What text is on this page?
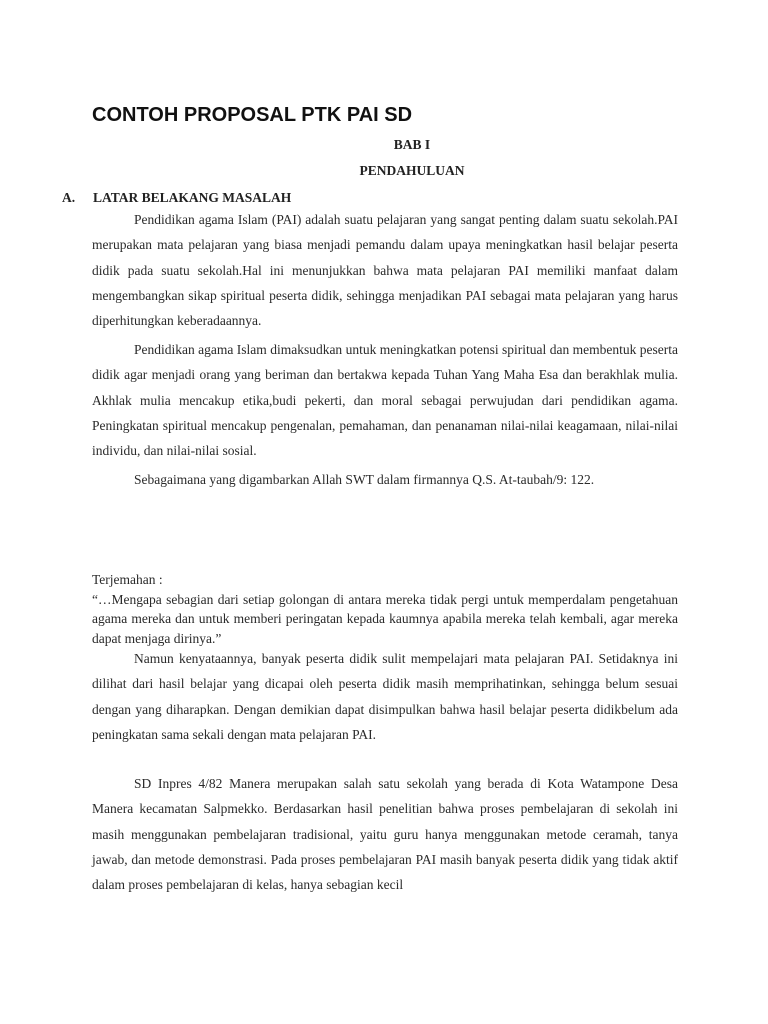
CONTOH PROPOSAL PTK PAI SD
BAB I
PENDAHULUAN
A. LATAR BELAKANG MASALAH

Pendidikan agama Islam (PAI) adalah suatu pelajaran yang sangat penting dalam suatu sekolah.PAI merupakan mata pelajaran yang biasa menjadi pemandu dalam upaya meningkatkan hasil belajar peserta didik pada suatu sekolah.Hal ini menunjukkan bahwa mata pelajaran PAI memiliki manfaat dalam mengembangkan sikap spiritual peserta didik, sehingga menjadikan PAI sebagai mata pelajaran yang harus diperhitungkan keberadaannya.

Pendidikan agama Islam dimaksudkan untuk meningkatkan potensi spiritual dan membentuk peserta didik agar menjadi orang yang beriman dan bertakwa kepada Tuhan Yang Maha Esa dan berakhlak mulia. Akhlak mulia mencakup etika,budi pekerti, dan moral sebagai perwujudan dari pendidikan agama. Peningkatan spiritual mencakup pengenalan, pemahaman, dan penanaman nilai-nilai keagamaan, nilai-nilai individu, dan nilai-nilai sosial.

Sebagaimana yang digambarkan Allah SWT dalam firmannya Q.S. At-taubah/9: 122.

Terjemahan :

“…Mengapa sebagian dari setiap golongan di antara mereka tidak pergi untuk memperdalam pengetahuan agama mereka dan untuk memberi peringatan kepada kaumnya apabila mereka telah kembali, agar mereka dapat menjaga dirinya.”

Namun kenyataannya, banyak peserta didik sulit mempelajari mata pelajaran PAI. Setidaknya ini dilihat dari hasil belajar yang dicapai oleh peserta didik masih memprihatinkan, sehingga belum sesuai dengan yang diharapkan. Dengan demikian dapat disimpulkan bahwa hasil belajar peserta didikbelum ada peningkatan sama sekali dengan mata pelajaran PAI.

SD Inpres 4/82 Manera merupakan salah satu sekolah yang berada di Kota Watampone Desa Manera kecamatan Salpmekko. Berdasarkan hasil penelitian bahwa proses pembelajaran di sekolah ini masih menggunakan pembelajaran tradisional, yaitu guru hanya menggunakan metode ceramah, tanya jawab, dan metode demonstrasi. Pada proses pembelajaran PAI masih banyak peserta didik yang tidak aktif dalam proses pembelajaran di kelas, hanya sebagian kecil
